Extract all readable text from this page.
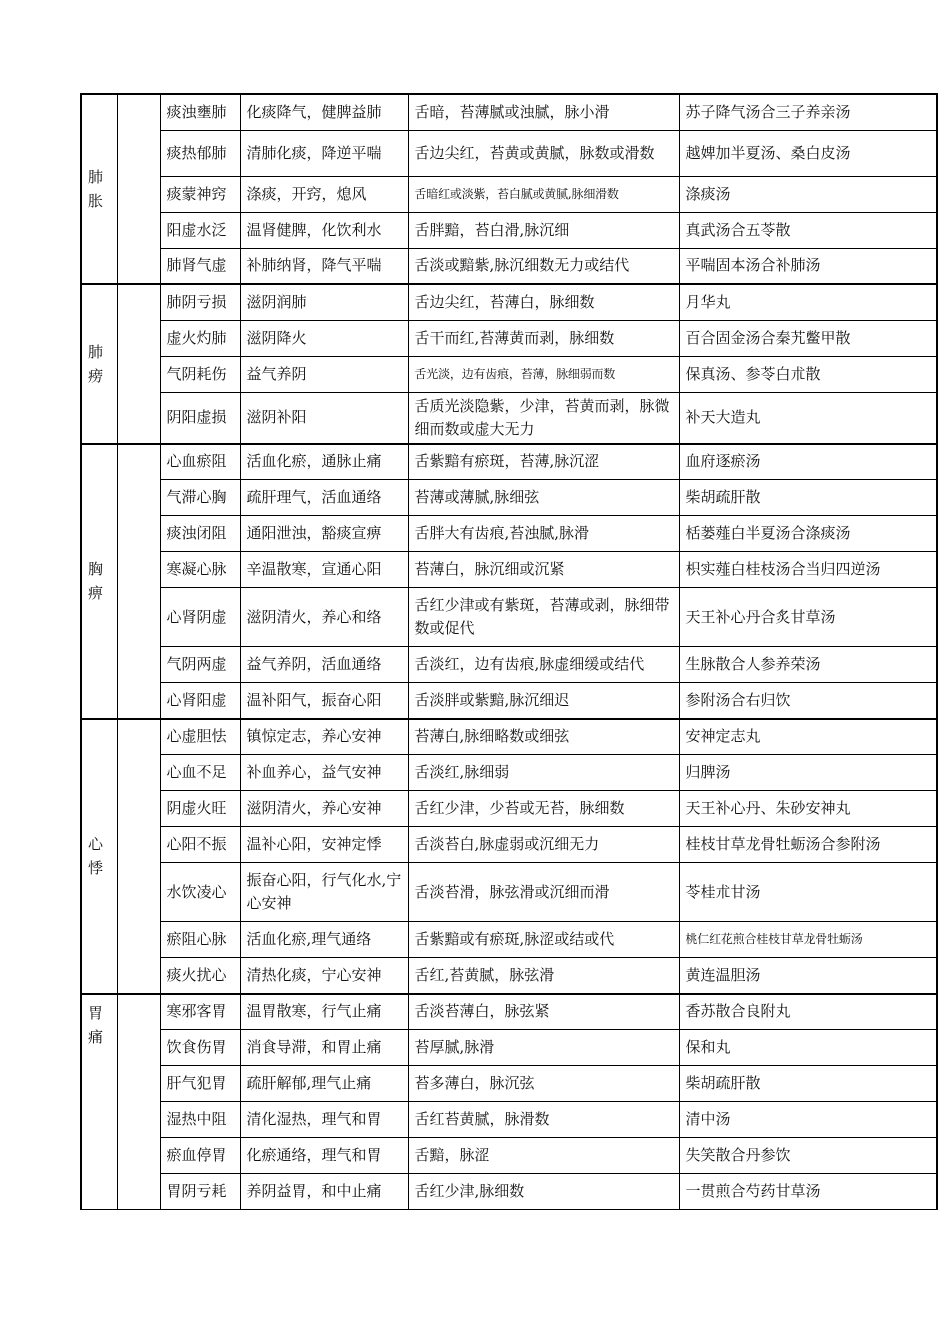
肺胀		痰浊壅肺	化痰降气，健脾益肺	舌暗，苔薄腻或浊腻，脉小滑	苏子降气汤合三子养亲汤
		痰热郁肺	清肺化痰，降逆平喘	舌边尖红，苔黄或黄腻，脉数或滑数	越婢加半夏汤、桑白皮汤
		痰蒙神窍	涤痰，开窍，熄风	舌暗红或淡紫，苔白腻或黄腻,脉细滑数	涤痰汤
		阳虚水泛	温肾健脾，化饮利水	舌胖黯，苔白滑,脉沉细	真武汤合五苓散
		肺肾气虚	补肺纳肾，降气平喘	舌淡或黯紫,脉沉细数无力或结代	平喘固本汤合补肺汤

肺痨		肺阴亏损	滋阴润肺	舌边尖红，苔薄白，脉细数	月华丸
		虚火灼肺	滋阴降火	舌干而红,苔薄黄而剥，脉细数	百合固金汤合秦艽鳖甲散
		气阴耗伤	益气养阴	舌光淡，边有齿痕，苔薄，脉细弱而数	保真汤、参苓白朮散
		阴阳虚损	滋阴补阳	舌质光淡隐紫，少津，苔黄而剥，脉微细而数或虚大无力	补天大造丸

胸痹		心血瘀阻	活血化瘀，通脉止痛	舌紫黯有瘀斑，苔薄,脉沉涩	血府逐瘀汤
		气滞心胸	疏肝理气，活血通络	苔薄或薄腻,脉细弦	柴胡疏肝散
		痰浊闭阻	通阳泄浊，豁痰宣痹	舌胖大有齿痕,苔浊腻,脉滑	栝蒌薤白半夏汤合涤痰汤
		寒凝心脉	辛温散寒，宣通心阳	苔薄白，脉沉细或沉紧	枳实薤白桂枝汤合当归四逆汤
		心肾阴虚	滋阴清火，养心和络	舌红少津或有紫斑，苔薄或剥，脉细带数或促代	天王补心丹合炙甘草汤
		气阴两虚	益气养阴，活血通络	舌淡红，边有齿痕,脉虚细缓或结代	生脉散合人参养荣汤
		心肾阳虚	温补阳气，振奋心阳	舌淡胖或紫黯,脉沉细迟	参附汤合右归饮

心悸		心虚胆怯	镇惊定志，养心安神	苔薄白,脉细略数或细弦	安神定志丸
		心血不足	补血养心，益气安神	舌淡红,脉细弱	归脾汤
		阴虚火旺	滋阴清火，养心安神	舌红少津，少苔或无苔，脉细数	天王补心丹、朱砂安神丸
		心阳不振	温补心阳，安神定悸	舌淡苔白,脉虚弱或沉细无力	桂枝甘草龙骨牡蛎汤合参附汤
		水饮凌心	振奋心阳，行气化水,宁心安神	舌淡苔滑，脉弦滑或沉细而滑	苓桂朮甘汤
		瘀阻心脉	活血化瘀,理气通络	舌紫黯或有瘀斑,脉涩或结或代	桃仁红花煎合桂枝甘草龙骨牡蛎汤
		痰火扰心	清热化痰，宁心安神	舌红,苔黄腻，脉弦滑	黄连温胆汤

胃痛		寒邪客胃	温胃散寒，行气止痛	舌淡苔薄白，脉弦紧	香苏散合良附丸
		饮食伤胃	消食导滞，和胃止痛	苔厚腻,脉滑	保和丸
		肝气犯胃	疏肝解郁,理气止痛	苔多薄白，脉沉弦	柴胡疏肝散
		湿热中阻	清化湿热，理气和胃	舌红苔黄腻，脉滑数	清中汤
		瘀血停胃	化瘀通络，理气和胃	舌黯，脉涩	失笑散合丹参饮
		胃阴亏耗	养阴益胃，和中止痛	舌红少津,脉细数	一贯煎合芍药甘草汤
